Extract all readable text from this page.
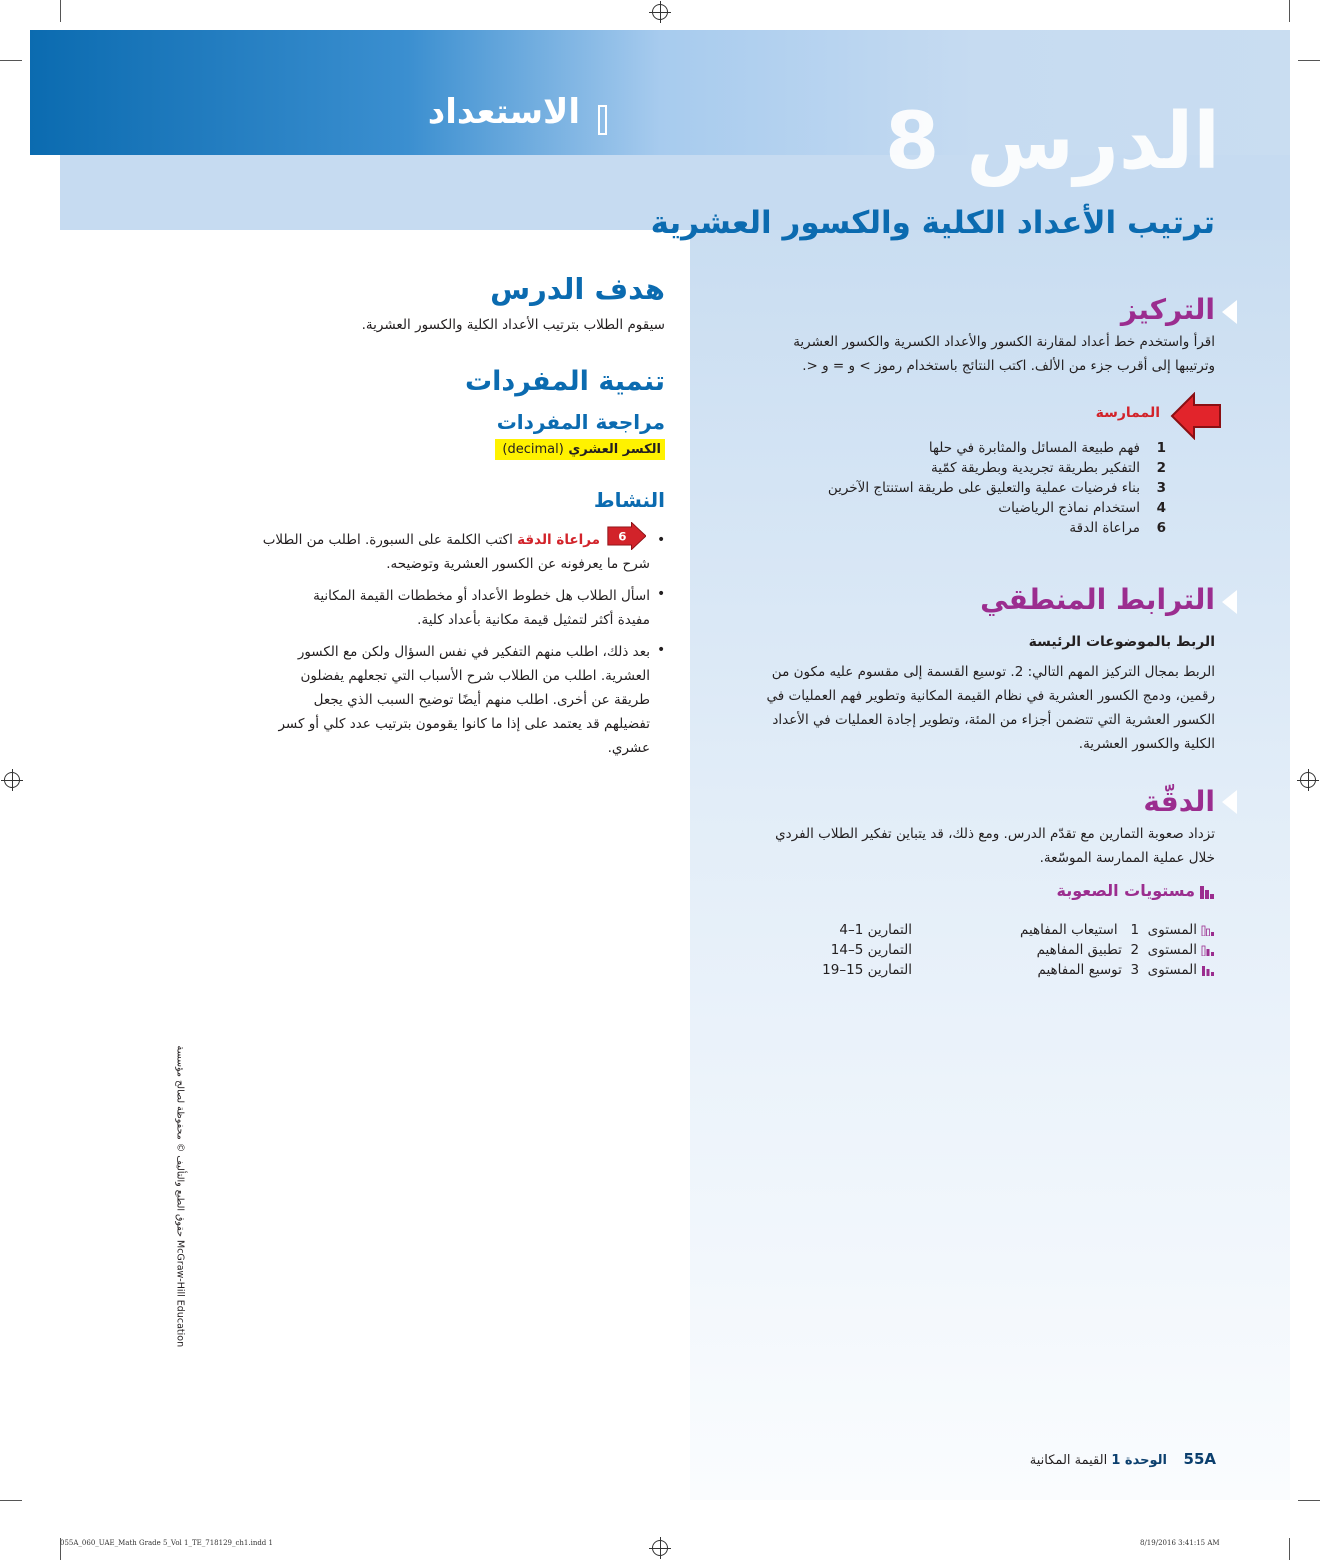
الاستعداد	الدرس 8
ترتيب الأعداد الكلية والكسور العشرية
هدف الدرس
سيقوم الطلاب بترتيب الأعداد الكلية والكسور العشرية.
تنمية المفردات
مراجعة المفردات
الكسر العشري (decimal)
النشاط
•
6
مراعاة الدقة اكتب الكلمة على السبورة. اطلب من الطلاب
شرح ما يعرفونه عن الكسور العشرية وتوضيحه.
•
اسأل الطلاب هل خطوط الأعداد أو مخططات القيمة المكانية
مفيدة أكثر لتمثيل قيمة مكانية بأعداد كلية.
•
بعد ذلك، اطلب منهم التفكير في نفس السؤال ولكن مع الكسور
العشرية. اطلب من الطلاب شرح الأسباب التي تجعلهم يفضلون
طريقة عن أخرى. اطلب منهم أيضًا توضيح السبب الذي يجعل
تفضيلهم قد يعتمد على إذا ما كانوا يقومون بترتيب عدد كلي أو كسر
عشري.
التركيز
اقرأ واستخدم خط أعداد لمقارنة الكسور والأعداد الكسرية والكسور العشرية
وترتيبها إلى أقرب جزء من الألف. اكتب النتائج باستخدام رموز > و = و <.
الممارسة
1فهم طبيعة المسائل والمثابرة في حلها
2التفكير بطريقة تجريدية وبطريقة كمّية
3بناء فرضيات عملية والتعليق على طريقة استنتاج الآخرين
4استخدام نماذج الرياضيات
6مراعاة الدقة
الترابط المنطقي
الربط بالموضوعات الرئيسة
الربط بمجال التركيز المهم التالي: 2. توسيع القسمة إلى مقسوم عليه مكون من
رقمين، ودمج الكسور العشرية في نظام القيمة المكانية وتطوير فهم العمليات في
الكسور العشرية التي تتضمن أجزاء من المئة، وتطوير إجادة العمليات في الأعداد
الكلية والكسور العشرية.
الدقّة
تزداد صعوبة التمارين مع تقدّم الدرس. ومع ذلك، قد يتباين تفكير الطلاب الفردي
خلال عملية الممارسة الموسّعة.
مستويات الصعوبة
المستوى  1   استيعاب المفاهيم
التمارين 1–4
المستوى  2  تطبيق المفاهيم
التمارين 5–14
المستوى  3  توسيع المفاهيم
التمارين 15–19
حقوق الطبع والتأليف © محفوظة لصالح مؤسسة McGraw-Hill Education
55A    الوحدة 1 القيمة المكانية
055A_060_UAE_Math Grade 5_Vol 1_TE_718129_ch1.indd 1	8/19/2016 3:41:15 AM
